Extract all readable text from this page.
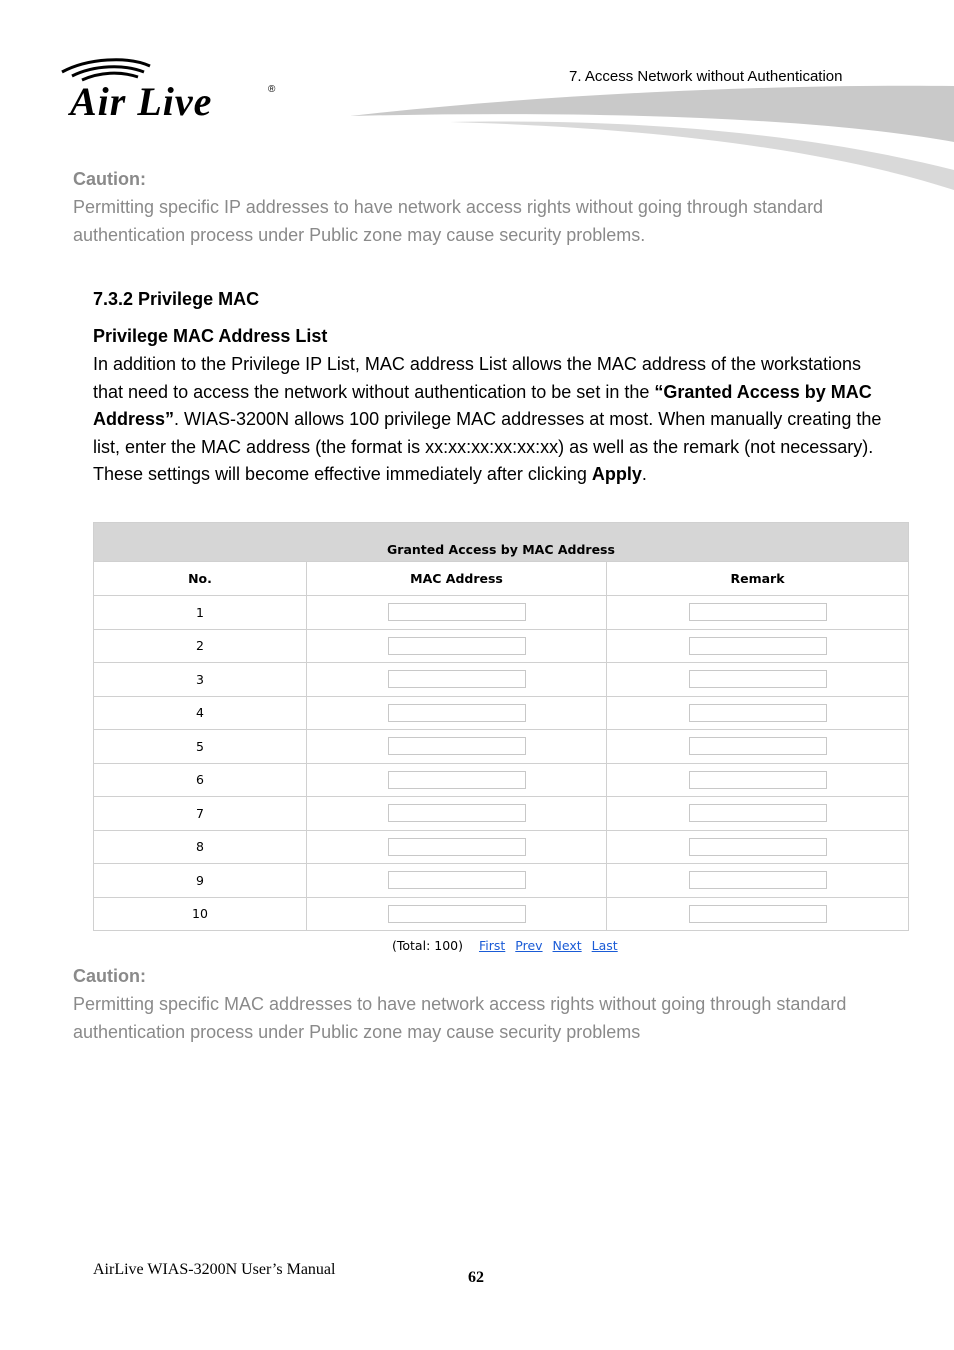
Air Live	®
7. Access Network without Authentication
Caution:
Permitting specific IP addresses to have network access rights without going through standard authentication process under Public zone may cause security problems.
7.3.2 Privilege MAC
Privilege MAC Address List
In addition to the Privilege IP List, MAC address List allows the MAC address of the workstations that need to access the network without authentication to be set in the “Granted Access by MAC Address”. WIAS-3200N allows 100 privilege MAC addresses at most. When manually creating the list, enter the MAC address (the format is xx:xx:xx:xx:xx:xx) as well as the remark (not necessary). These settings will become effective immediately after clicking Apply.
Granted Access by MAC Address		
No.	MAC Address	Remark
1		
2		
3		
4		
5		
6		
7		
8		
9		
10		
(Total: 100) First Prev Next Last
Caution:
Permitting specific MAC addresses to have network access rights without going through standard authentication process under Public zone may cause security problems
AirLive WIAS-3200N User’s Manual	62
